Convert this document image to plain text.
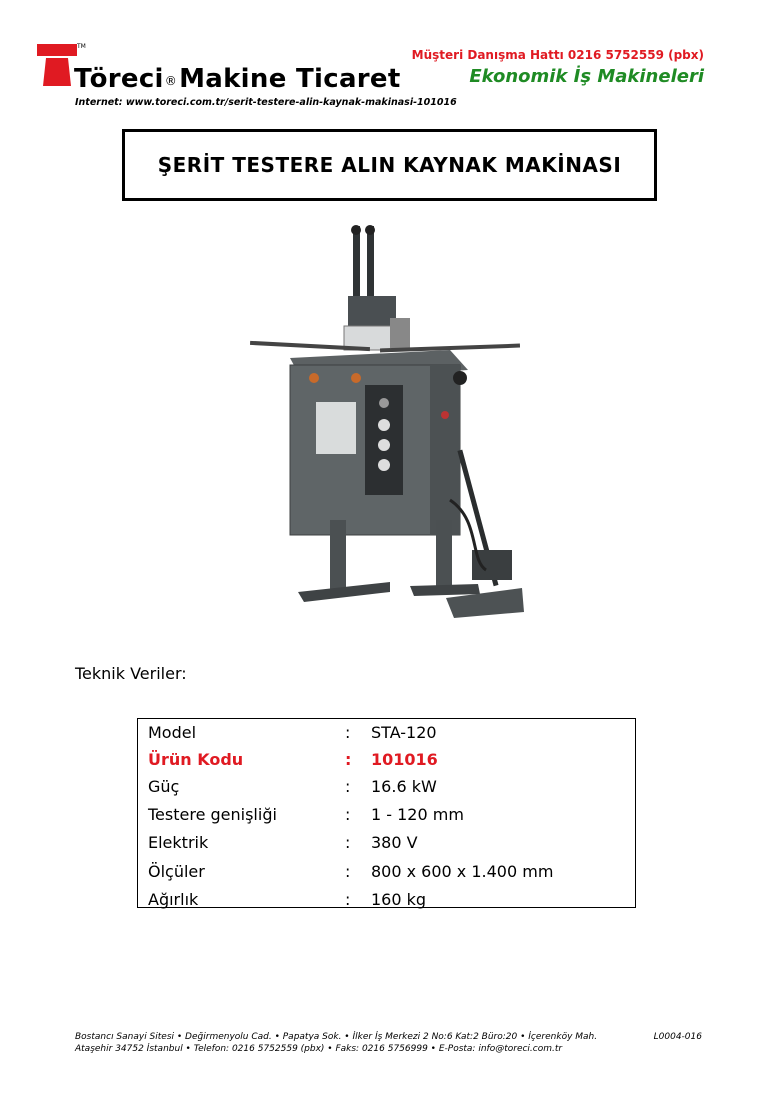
TM
Töreci®Makine Ticaret
Internet: www.toreci.com.tr/serit-testere-alin-kaynak-makinasi-101016
Müşteri Danışma Hattı 0216 5752559 (pbx)
Ekonomik İş Makineleri
ŞERİT TESTERE ALIN KAYNAK MAKİNASI
Teknik Veriler:
Model	: STA-120
Ürün Kodu	: 101016
Güç	: 16.6 kW
Testere genişliği	: 1 - 120 mm
Elektrik	: 380 V
Ölçüler	: 800 x 600 x 1.400 mm
Ağırlık	: 160 kg
Bostancı Sanayi Sitesi • Değirmenyolu Cad. • Papatya Sok. • İlker İş Merkezi 2 No:6 Kat:2 Büro:20 • İçerenköy Mah.
Ataşehir 34752 İstanbul • Telefon: 0216 5752559 (pbx) • Faks: 0216 5756999 • E-Posta: info@toreci.com.tr
L0004-016
